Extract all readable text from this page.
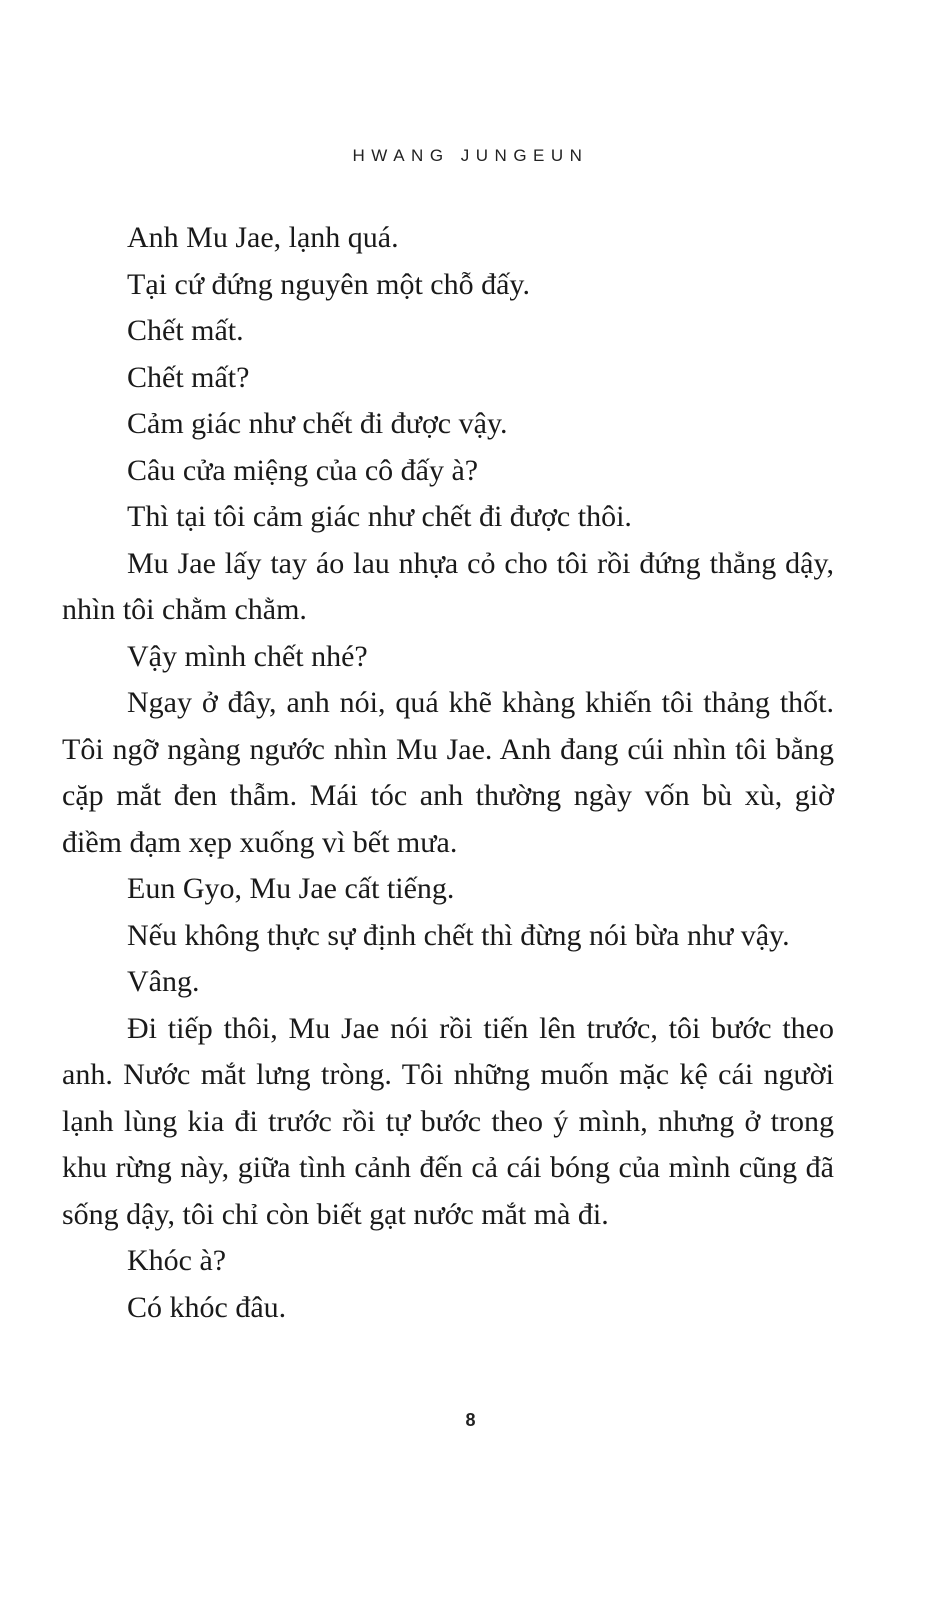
HWANG JUNGEUN

Anh Mu Jae, lạnh quá.

Tại cứ đứng nguyên một chỗ đấy.

Chết mất.

Chết mất?

Cảm giác như chết đi được vậy.

Câu cửa miệng của cô đấy à?

Thì tại tôi cảm giác như chết đi được thôi.

Mu Jae lấy tay áo lau nhựa cỏ cho tôi rồi đứng thẳng dậy, nhìn tôi chằm chằm.

Vậy mình chết nhé?

Ngay ở đây, anh nói, quá khẽ khàng khiến tôi thảng thốt. Tôi ngỡ ngàng ngước nhìn Mu Jae. Anh đang cúi nhìn tôi bằng cặp mắt đen thẫm. Mái tóc anh thường ngày vốn bù xù, giờ điềm đạm xẹp xuống vì bết mưa.

Eun Gyo, Mu Jae cất tiếng.

Nếu không thực sự định chết thì đừng nói bừa như vậy.

Vâng.

Đi tiếp thôi, Mu Jae nói rồi tiến lên trước, tôi bước theo anh. Nước mắt lưng tròng. Tôi những muốn mặc kệ cái người lạnh lùng kia đi trước rồi tự bước theo ý mình, nhưng ở trong khu rừng này, giữa tình cảnh đến cả cái bóng của mình cũng đã sống dậy, tôi chỉ còn biết gạt nước mắt mà đi.

Khóc à?

Có khóc đâu.

8
